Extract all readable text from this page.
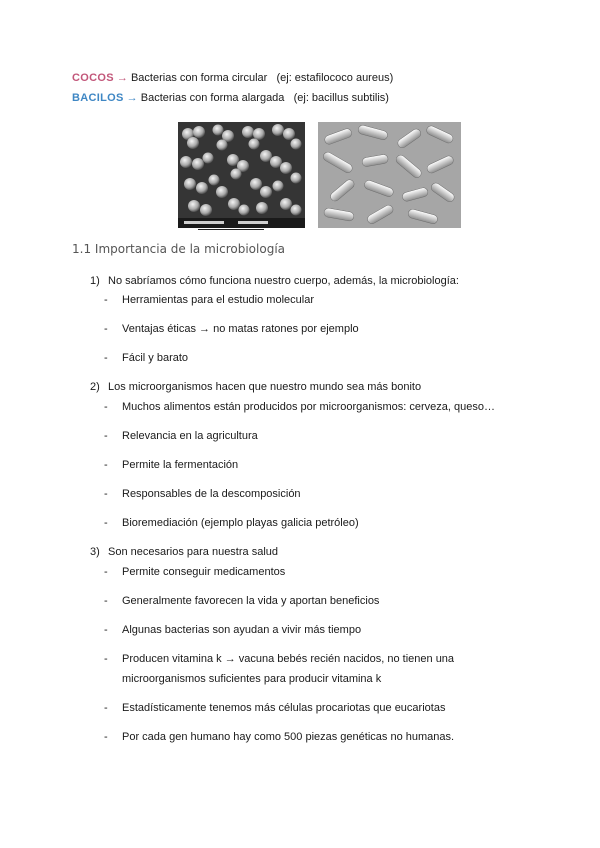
COCOS → Bacterias con forma circular (ej: estafilococo aureus)
BACILOS → Bacterias con forma alargada (ej: bacillus subtilis)
1.1 Importancia de la microbiología
1) No sabríamos cómo funciona nuestro cuerpo, además, la microbiología:
- Herramientas para el estudio molecular
- Ventajas éticas → no matas ratones por ejemplo
- Fácil y barato
2) Los microorganismos hacen que nuestro mundo sea más bonito
- Muchos alimentos están producidos por microorganismos: cerveza, queso…
- Relevancia en la agricultura
- Permite la fermentación
- Responsables de la descomposición
- Bioremediación (ejemplo playas galicia petróleo)
3) Son necesarios para nuestra salud
- Permite conseguir medicamentos
- Generalmente favorecen la vida y aportan beneficios
- Algunas bacterias son ayudan a vivir más tiempo
- Producen vitamina k → vacuna bebés recién nacidos, no tienen una
microorganismos suficientes para producir vitamina k
- Estadísticamente tenemos más células procariotas que eucariotas
- Por cada gen humano hay como 500 piezas genéticas no humanas.
